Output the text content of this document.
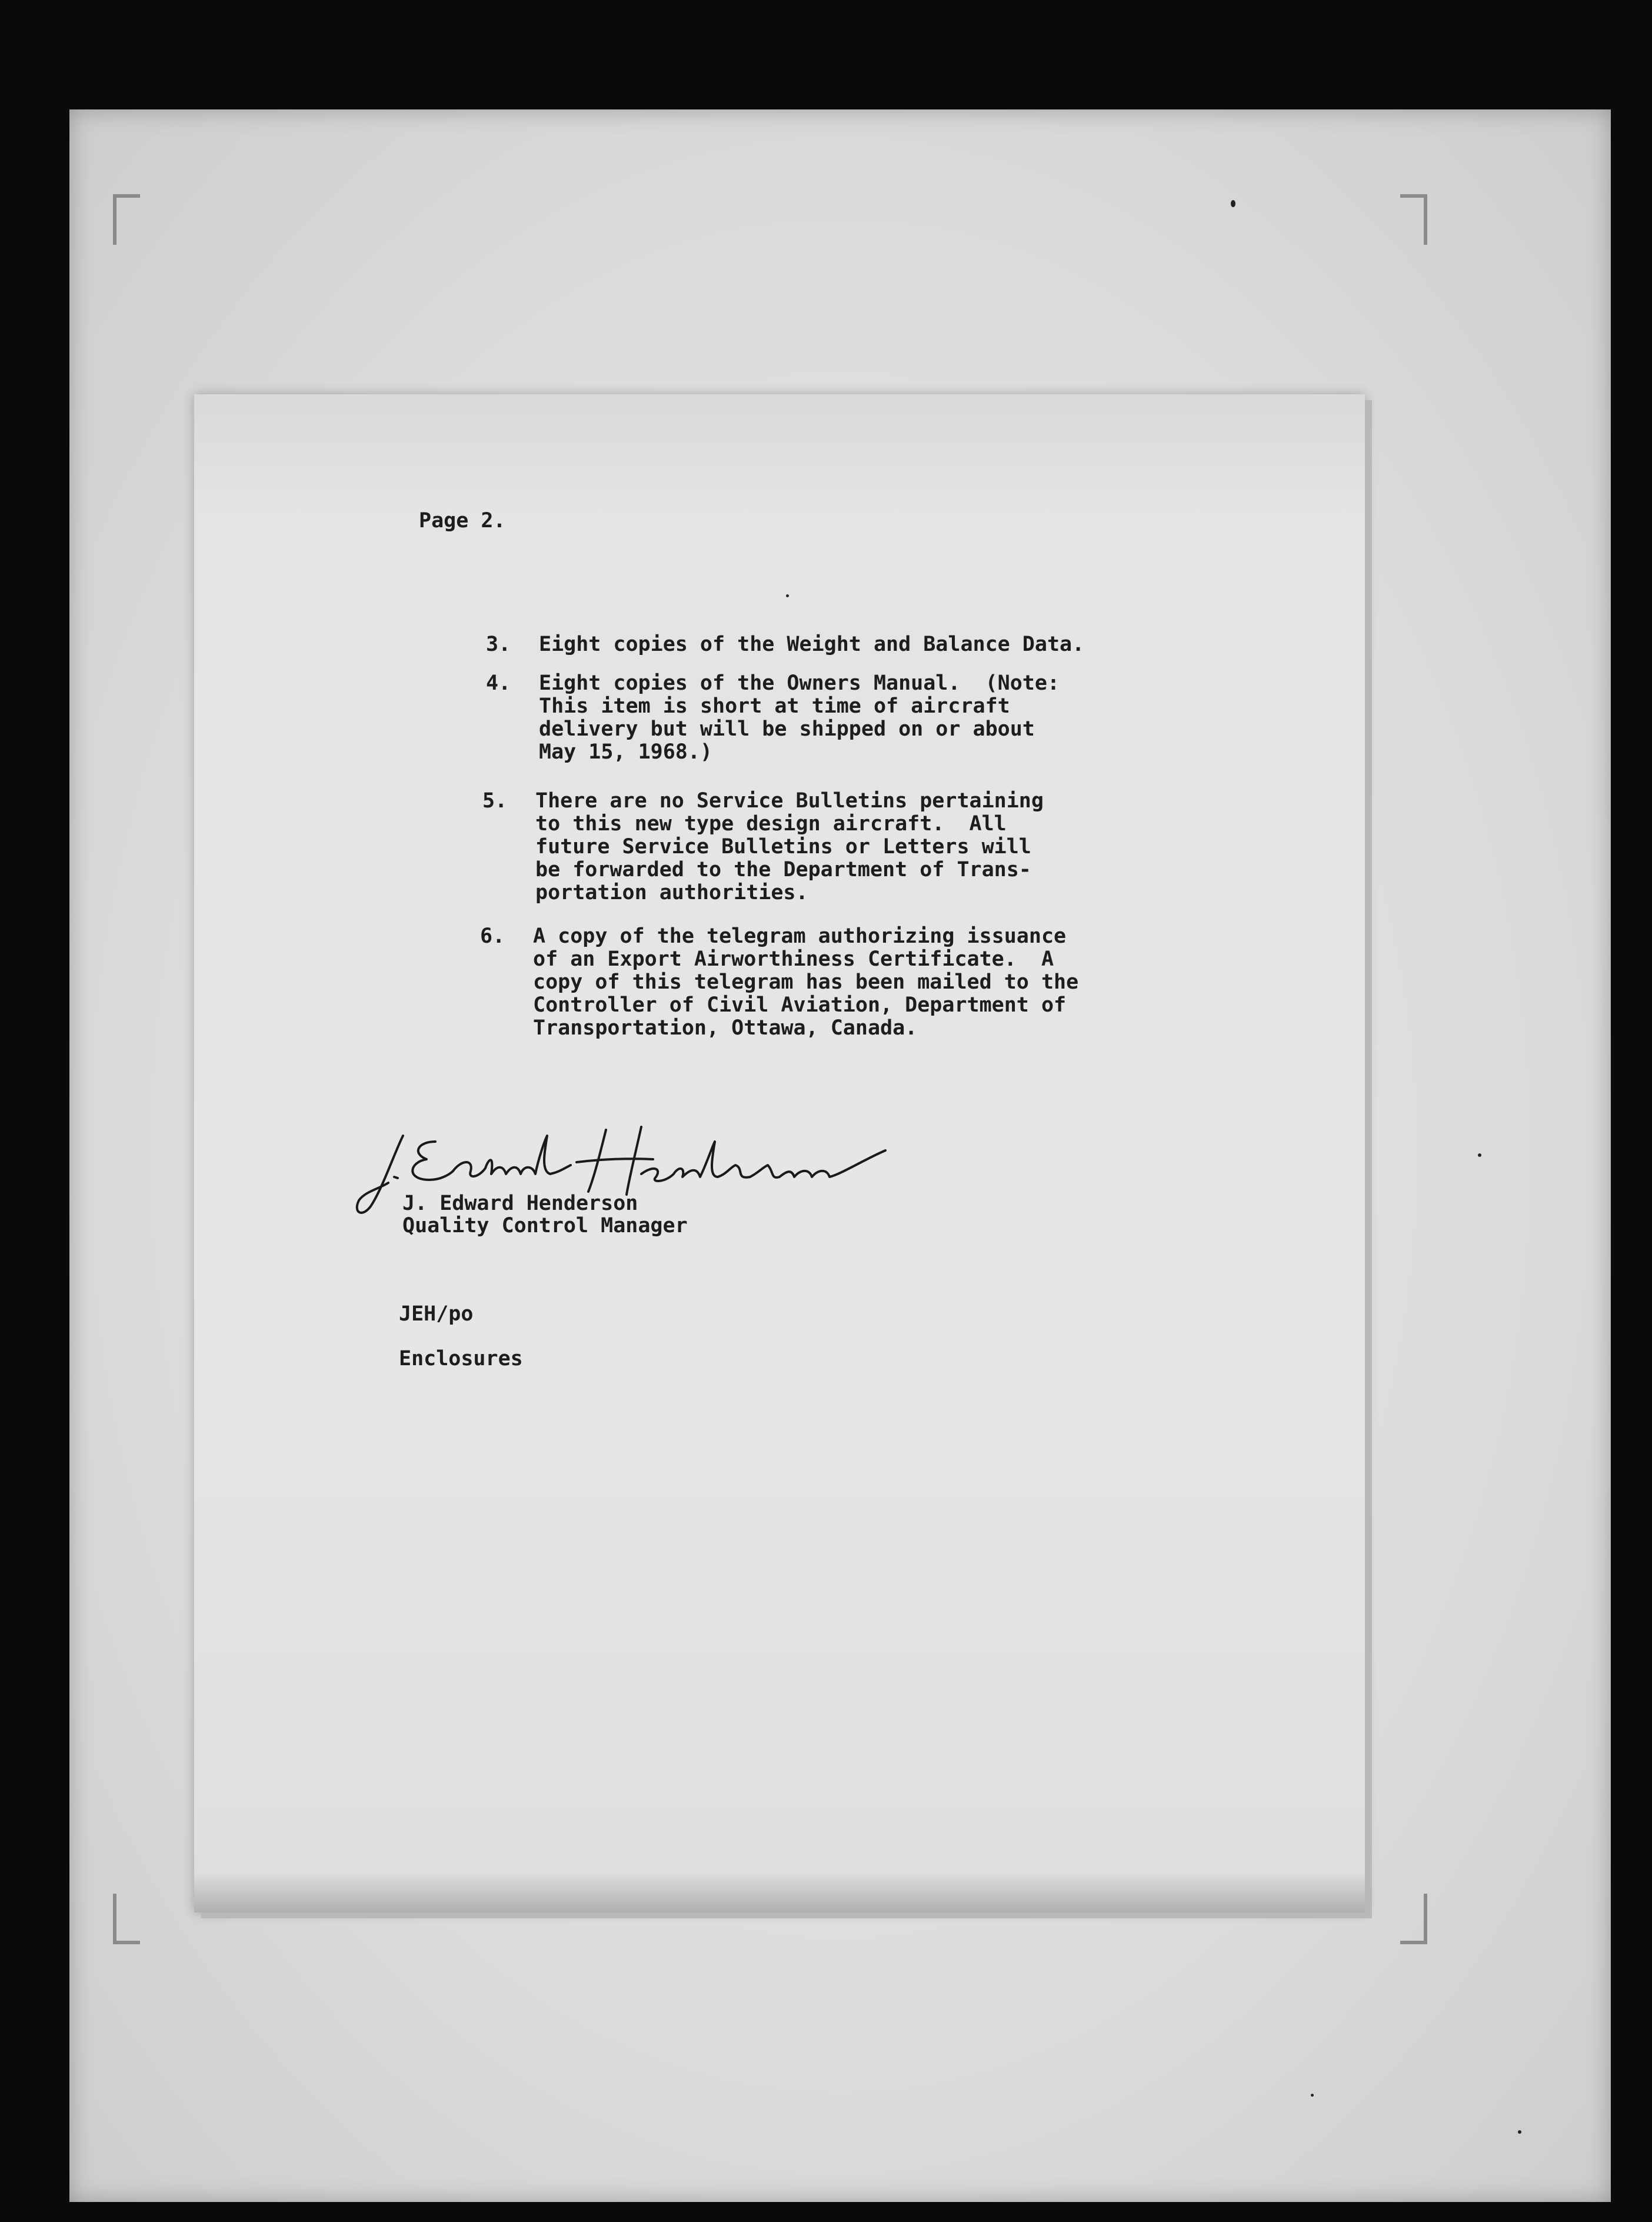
Page 2.
3. Eight copies of the Weight and Balance Data.
4. Eight copies of the Owners Manual.  (Note:
This item is short at time of aircraft
delivery but will be shipped on or about
May 15, 1968.)
5. There are no Service Bulletins pertaining
to this new type design aircraft.  All
future Service Bulletins or Letters will
be forwarded to the Department of Trans-
portation authorities.
6. A copy of the telegram authorizing issuance
of an Export Airworthiness Certificate.  A
copy of this telegram has been mailed to the
Controller of Civil Aviation, Department of
Transportation, Ottawa, Canada.
J. Edward Henderson
Quality Control Manager
JEH/po
Enclosures
